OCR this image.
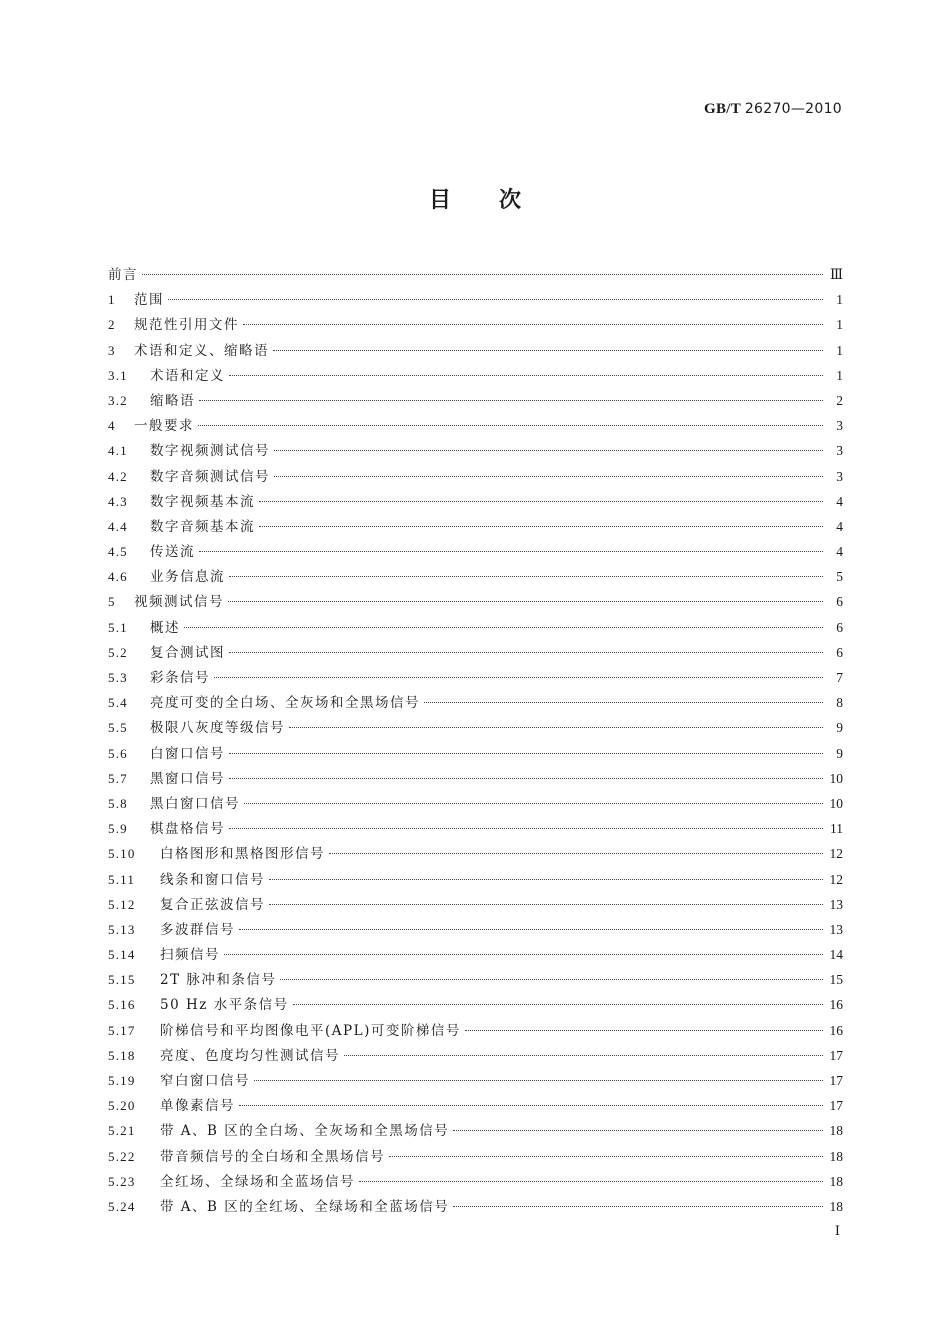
GB/T 26270—2010
目次
前言	Ⅲ
1	范围	1
2	规范性引用文件	1
3	术语和定义、缩略语	1
3.1	术语和定义	1
3.2	缩略语	2
4	一般要求	3
4.1	数字视频测试信号	3
4.2	数字音频测试信号	3
4.3	数字视频基本流	4
4.4	数字音频基本流	4
4.5	传送流	4
4.6	业务信息流	5
5	视频测试信号	6
5.1	概述	6
5.2	复合测试图	6
5.3	彩条信号	7
5.4	亮度可变的全白场、全灰场和全黑场信号	8
5.5	极限八灰度等级信号	9
5.6	白窗口信号	9
5.7	黑窗口信号	10
5.8	黑白窗口信号	10
5.9	棋盘格信号	11
5.10	白格图形和黑格图形信号	12
5.11	线条和窗口信号	12
5.12	复合正弦波信号	13
5.13	多波群信号	13
5.14	扫频信号	14
5.15	2T 脉冲和条信号	15
5.16	50 Hz 水平条信号	16
5.17	阶梯信号和平均图像电平(APL)可变阶梯信号	16
5.18	亮度、色度均匀性测试信号	17
5.19	窄白窗口信号	17
5.20	单像素信号	17
5.21	带 A、B 区的全白场、全灰场和全黑场信号	18
5.22	带音频信号的全白场和全黑场信号	18
5.23	全红场、全绿场和全蓝场信号	18
5.24	带 A、B 区的全红场、全绿场和全蓝场信号	18
Ⅰ
